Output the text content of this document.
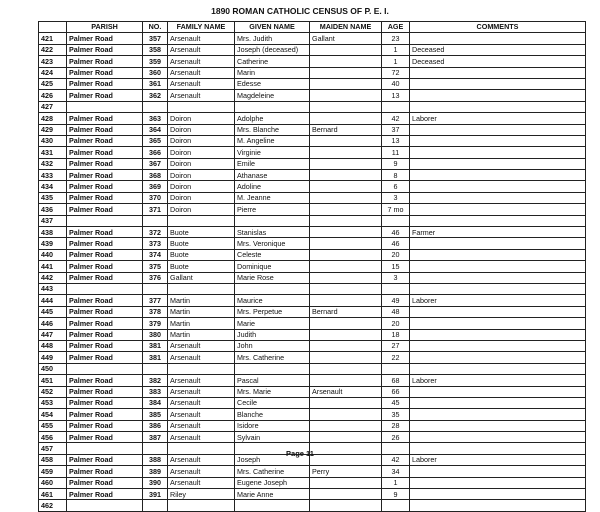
1890 ROMAN CATHOLIC CENSUS OF P. E. I.
	PARISH	NO.	FAMILY NAME	GIVEN NAME	MAIDEN NAME	AGE	COMMENTS
421	Palmer Road	357	Arsenault	Mrs. Judith	Gallant	23	
422	Palmer Road	358	Arsenault	Joseph (deceased)		1	Deceased
423	Palmer Road	359	Arsenault	Catherine		1	Deceased
424	Palmer Road	360	Arsenault	Marin		72	
425	Palmer Road	361	Arsenault	Edesse		40	
426	Palmer Road	362	Arsenault	Magdeleine		13	
427							
428	Palmer Road	363	Doiron	Adolphe		42	Laborer
429	Palmer Road	364	Doiron	Mrs. Blanche	Bernard	37	
430	Palmer Road	365	Doiron	M. Angeline		13	
431	Palmer Road	366	Doiron	Virginie		11	
432	Palmer Road	367	Doiron	Emile		9	
433	Palmer Road	368	Doiron	Athanase		8	
434	Palmer Road	369	Doiron	Adoline		6	
435	Palmer Road	370	Doiron	M. Jeanne		3	
436	Palmer Road	371	Doiron	Pierre		7 mo	
437							
438	Palmer Road	372	Buote	Stanislas		46	Farmer
439	Palmer Road	373	Buote	Mrs. Veronique		46	
440	Palmer Road	374	Buote	Celeste		20	
441	Palmer Road	375	Buote	Dominique		15	
442	Palmer Road	376	Gallant	Marie Rose		3	
443							
444	Palmer Road	377	Martin	Maurice		49	Laborer
445	Palmer Road	378	Martin	Mrs. Perpetue	Bernard	48	
446	Palmer Road	379	Martin	Marie		20	
447	Palmer Road	380	Martin	Judith		18	
448	Palmer Road	381	Arsenault	John		27	
449	Palmer Road	381	Arsenault	Mrs. Catherine		22	
450							
451	Palmer Road	382	Arsenault	Pascal		68	Laborer
452	Palmer Road	383	Arsenault	Mrs. Marie	Arsenault	66	
453	Palmer Road	384	Arsenault	Cecile		45	
454	Palmer Road	385	Arsenault	Blanche		35	
455	Palmer Road	386	Arsenault	Isidore		28	
456	Palmer Road	387	Arsenault	Sylvain		26	
457							
458	Palmer Road	388	Arsenault	Joseph		42	Laborer
459	Palmer Road	389	Arsenault	Mrs. Catherine	Perry	34	
460	Palmer Road	390	Arsenault	Eugene Joseph		1	
461	Palmer Road	391	Riley	Marie Anne		9	
462							
Page 11
